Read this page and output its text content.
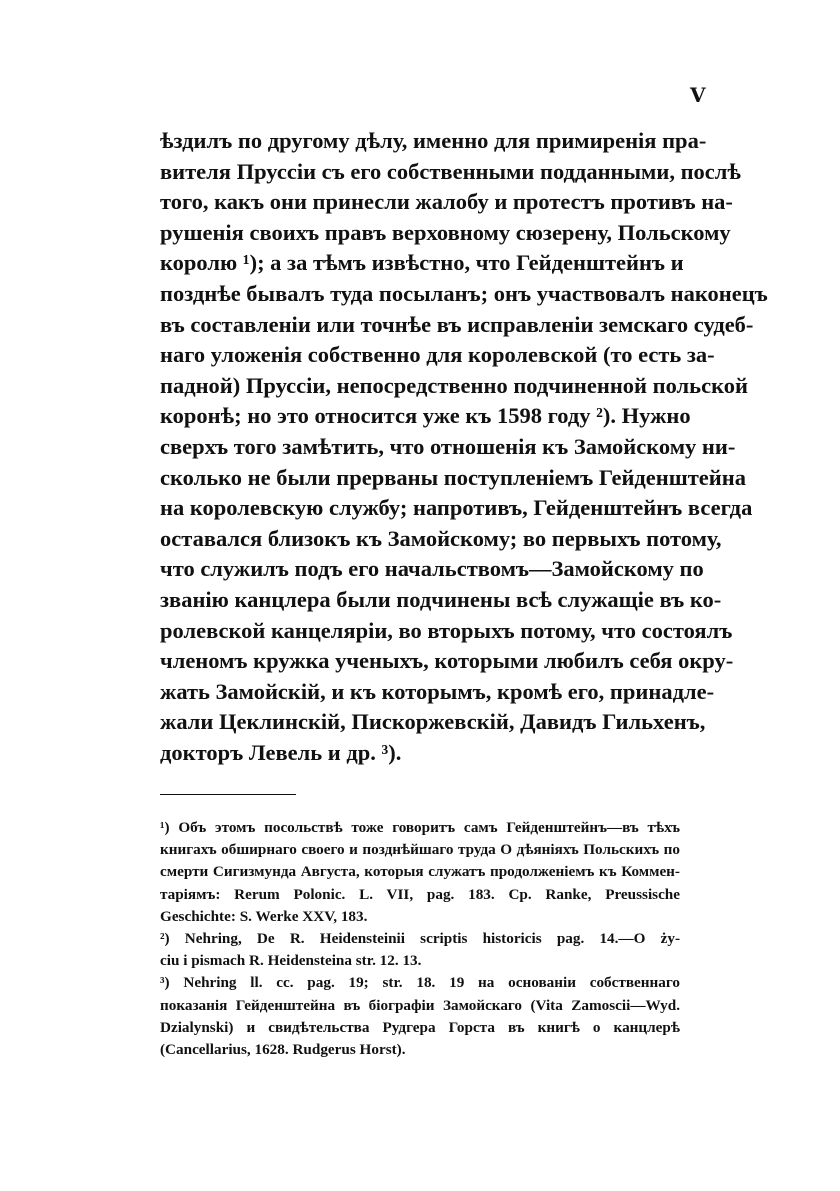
V
ѣздилъ по другому дѣлу, именно для примиренія пра-
вителя Пруссіи съ его собственными подданными, послѣ
того, какъ они принесли жалобу и протестъ противъ на-
рушенія своихъ правъ верховному сюзерену, Польскому
королю ¹); а за тѣмъ извѣстно, что Гейденштейнъ и
позднѣе бывалъ туда посыланъ; онъ участвовалъ наконецъ
въ составленіи или точнѣе въ исправленіи земскаго судеб-
наго уложенія собственно для королевской (то есть за-
падной) Пруссіи, непосредственно подчиненной польской
коронѣ; но это относится уже къ 1598 году ²). Нужно
сверхъ того замѣтить, что отношенія къ Замойскому ни-
сколько не были прерваны поступленіемъ Гейденштейна
на королевскую службу; напротивъ, Гейденштейнъ всегда
оставался близокъ къ Замойскому; во первыхъ потому,
что служилъ подъ его начальствомъ—Замойскому по
званію канцлера были подчинены всѣ служащіе въ ко-
ролевской канцеляріи, во вторыхъ потому, что состоялъ
членомъ кружка ученыхъ, которыми любилъ себя окру-
жать Замойскій, и къ которымъ, кромѣ его, принадле-
жали Цеклинскій, Пискоржевскій, Давидъ Гильхенъ,
докторъ Левель и др. ³).
¹) Объ этомъ посольствѣ тоже говоритъ самъ Гейденштейнъ—въ тѣхъ
книгахъ обширнаго своего и позднѣйшаго труда О дѣяніяхъ Польскихъ по
смерти Сигизмунда Августа, которыя служатъ продолженіемъ къ Коммен-
таріямъ: Rerum Polonic. L. VII, pag. 183. Ср. Ranke, Preussische
Geschichte: S. Werke XXV, 183.
²) Nehring, De R. Heidensteinii scriptis historicis pag. 14.—O ży-
ciu i pismach R. Heidensteina str. 12. 13.
³) Nehring ll. cc. pag. 19; str. 18. 19 на основаніи собственнаго
показанія Гейденштейна въ біографіи Замойскаго (Vita Zamoscii—Wyd.
Dzialynski) и свидѣтельства Рудгера Горста въ книгѣ о канцлерѣ
(Cancellarius, 1628. Rudgerus Horst).
